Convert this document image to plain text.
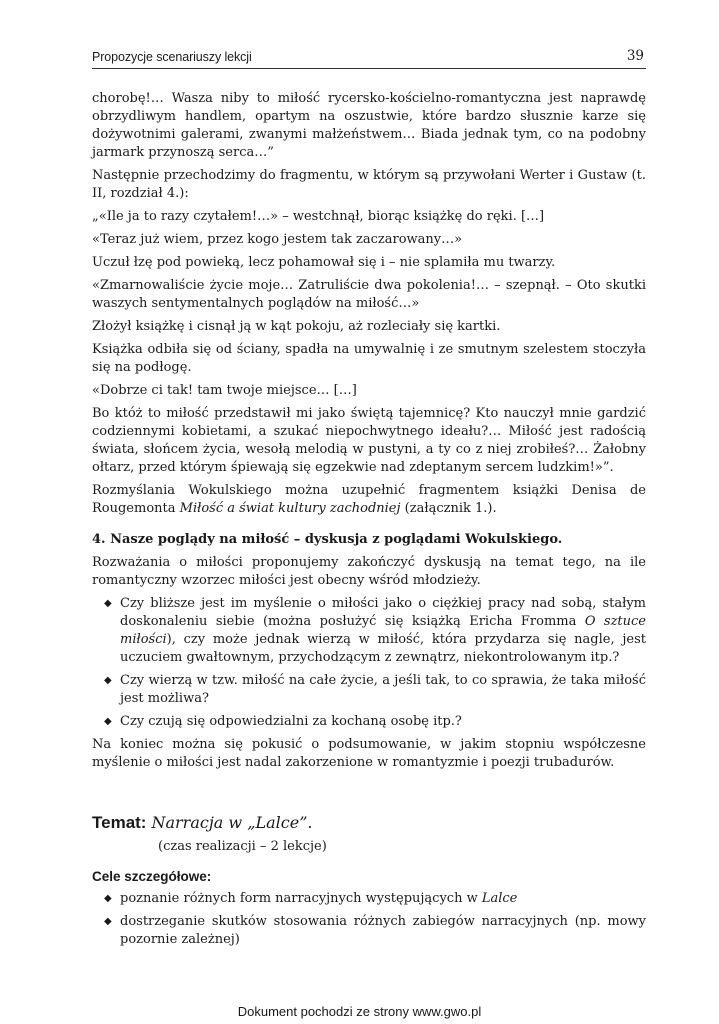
Propozycje scenariuszy lekcji	39

chorobę!… Wasza niby to miłość rycersko-kościelno-romantyczna jest naprawdę obrzydliwym handlem, opartym na oszustwie, które bardzo słusznie karze się dożywotnimi galerami, zwanymi małżeństwem… Biada jednak tym, co na podobny jarmark przynoszą serca…”

Następnie przechodzimy do fragmentu, w którym są przywołani Werter i Gustaw (t. II, rozdział 4.):

„«Ile ja to razy czytałem!…» – westchnął, biorąc książkę do ręki. […]

«Teraz już wiem, przez kogo jestem tak zaczarowany…»

Uczuł łzę pod powieką, lecz pohamował się i – nie splamiła mu twarzy.

«Zmarnowaliście życie moje… Zatruliście dwa pokolenia!… – szepnął. – Oto skutki waszych sentymentalnych poglądów na miłość…»

Złożył książkę i cisnął ją w kąt pokoju, aż rozleciały się kartki.

Książka odbiła się od ściany, spadła na umywalnię i ze smutnym szelestem stoczyła się na podłogę.

«Dobrze ci tak! tam twoje miejsce… […]

Bo któż to miłość przedstawił mi jako świętą tajemnicę? Kto nauczył mnie gardzić codziennymi kobietami, a szukać niepochwytnego ideału?… Miłość jest radością świata, słońcem życia, wesołą melodią w pustyni, a ty co z niej zrobiłeś?… Żałobny ołtarz, przed którym śpiewają się egzekwie nad zdeptanym sercem ludzkim!»”.

Rozmyślania Wokulskiego można uzupełnić fragmentem książki Denisa de Rougemonta Miłość a świat kultury zachodniej (załącznik 1.).

4. Nasze poglądy na miłość – dyskusja z poglądami Wokulskiego.

Rozważania o miłości proponujemy zakończyć dyskusją na temat tego, na ile romantyczny wzorzec miłości jest obecny wśród młodzieży.

◆ Czy bliższe jest im myślenie o miłości jako o ciężkiej pracy nad sobą, stałym doskonaleniu siebie (można posłużyć się książką Ericha Fromma O sztuce miłości), czy może jednak wierzą w miłość, która przydarza się nagle, jest uczuciem gwałtownym, przychodzącym z zewnątrz, niekontrolowanym itp.?
◆ Czy wierzą w tzw. miłość na całe życie, a jeśli tak, to co sprawia, że taka miłość jest możliwa?
◆ Czy czują się odpowiedzialni za kochaną osobę itp.?

Na koniec można się pokusić o podsumowanie, w jakim stopniu współczesne myślenie o miłości jest nadal zakorzenione w romantyzmie i poezji trubadurów.

Temat: Narracja w „Lalce”.
(czas realizacji – 2 lekcje)
Cele szczegółowe:
◆ poznanie różnych form narracyjnych występujących w Lalce
◆ dostrzeganie skutków stosowania różnych zabiegów narracyjnych (np. mowy pozornie zależnej)
Dokument pochodzi ze strony www.gwo.pl
